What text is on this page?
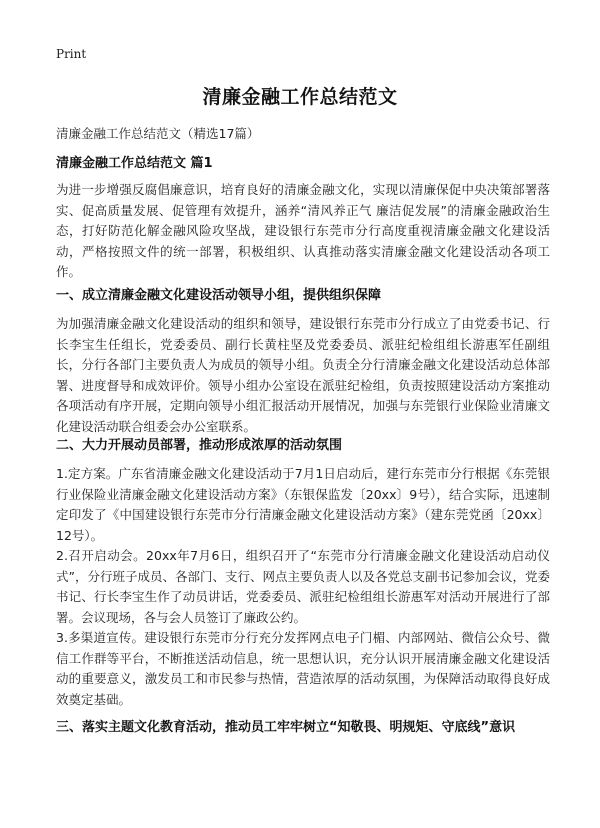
Print
清廉金融工作总结范文
清廉金融工作总结范文（精选17篇）
清廉金融工作总结范文 篇1
为进一步增强反腐倡廉意识，培育良好的清廉金融文化，实现以清廉保促中央决策部署落实、促高质量发展、促管理有效提升，涵养“清风养正气 廉洁促发展”的清廉金融政治生态，打好防范化解金融风险攻坚战，建设银行东莞市分行高度重视清廉金融文化建设活动，严格按照文件的统一部署，积极组织、认真推动落实清廉金融文化建设活动各项工作。
一、成立清廉金融文化建设活动领导小组，提供组织保障
为加强清廉金融文化建设活动的组织和领导，建设银行东莞市分行成立了由党委书记、行长李宝生任组长，党委委员、副行长黄柱坚及党委委员、派驻纪检组组长游惠军任副组长，分行各部门主要负责人为成员的领导小组。负责全分行清廉金融文化建设活动总体部署、进度督导和成效评价。领导小组办公室设在派驻纪检组，负责按照建设活动方案推动各项活动有序开展，定期向领导小组汇报活动开展情况，加强与东莞银行业保险业清廉文化建设活动联合组委会办公室联系。
二、大力开展动员部署，推动形成浓厚的活动氛围
1.定方案。广东省清廉金融文化建设活动于7月1日启动后，建行东莞市分行根据《东莞银行业保险业清廉金融文化建设活动方案》（东银保监发〔20xx〕9号），结合实际，迅速制定印发了《中国建设银行东莞市分行清廉金融文化建设活动方案》（建东莞党函〔20xx〕12号）。
2.召开启动会。20xx年7月6日，组织召开了“东莞市分行清廉金融文化建设活动启动仪式”，分行班子成员、各部门、支行、网点主要负责人以及各党总支副书记参加会议，党委书记、行长李宝生作了动员讲话，党委委员、派驻纪检组组长游惠军对活动开展进行了部署。会议现场，各与会人员签订了廉政公约。
3.多渠道宣传。建设银行东莞市分行充分发挥网点电子门楣、内部网站、微信公众号、微信工作群等平台，不断推送活动信息，统一思想认识，充分认识开展清廉金融文化建设活动的重要意义，激发员工和市民参与热情，营造浓厚的活动氛围，为保障活动取得良好成效奠定基础。
三、落实主题文化教育活动，推动员工牢牢树立“知敬畏、明规矩、守底线”意识
